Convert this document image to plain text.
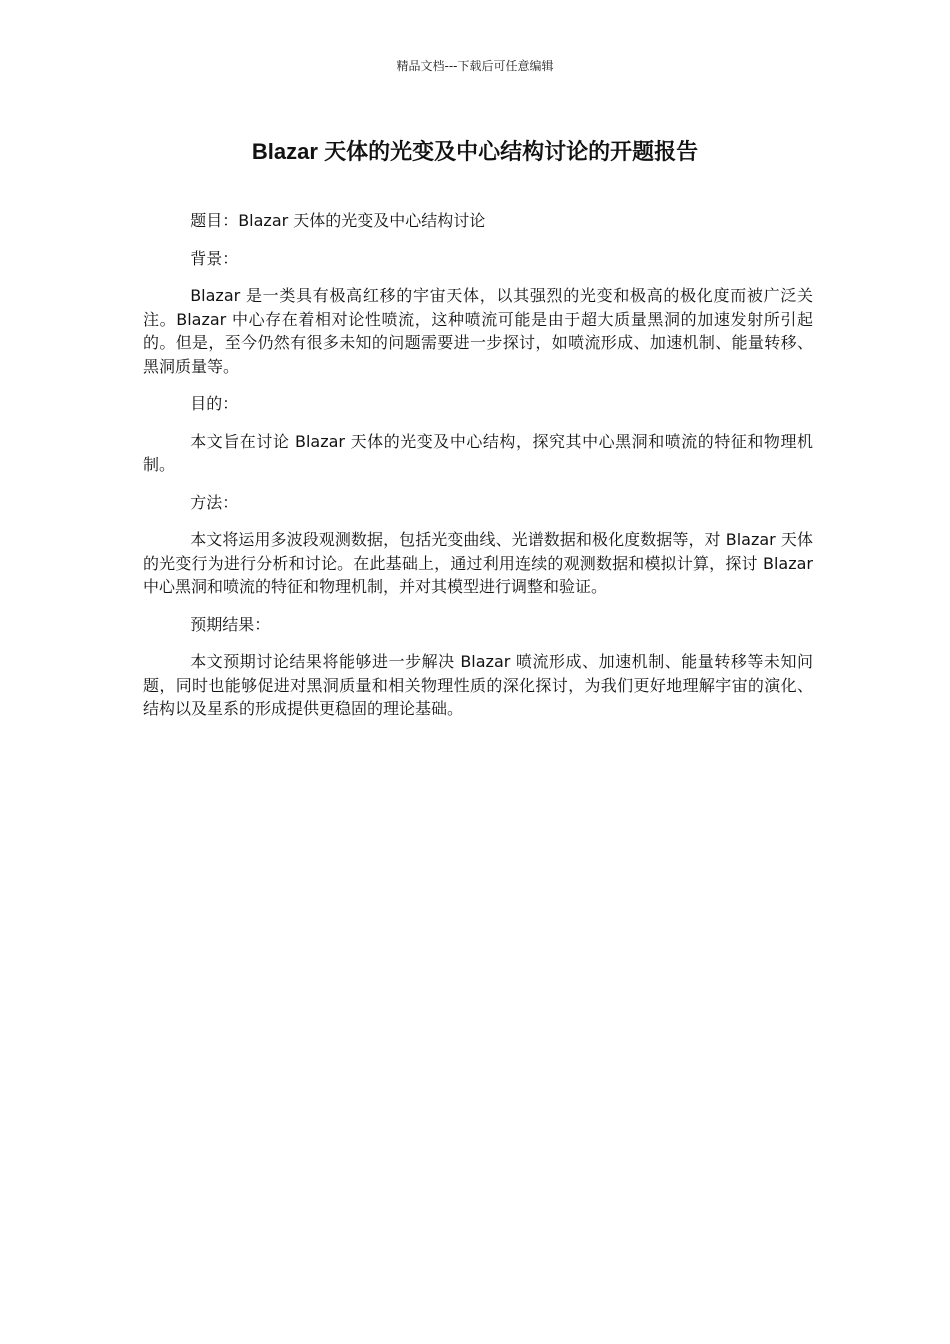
精品文档---下载后可任意编辑
Blazar 天体的光变及中心结构讨论的开题报告

题目：Blazar 天体的光变及中心结构讨论

背景：

Blazar 是一类具有极高红移的宇宙天体，以其强烈的光变和极高的极化度而被广泛关注。Blazar 中心存在着相对论性喷流，这种喷流可能是由于超大质量黑洞的加速发射所引起的。但是，至今仍然有很多未知的问题需要进一步探讨，如喷流形成、加速机制、能量转移、黑洞质量等。

目的：

本文旨在讨论 Blazar 天体的光变及中心结构，探究其中心黑洞和喷流的特征和物理机制。

方法：

本文将运用多波段观测数据，包括光变曲线、光谱数据和极化度数据等，对 Blazar 天体的光变行为进行分析和讨论。在此基础上，通过利用连续的观测数据和模拟计算，探讨 Blazar 中心黑洞和喷流的特征和物理机制，并对其模型进行调整和验证。

预期结果：

本文预期讨论结果将能够进一步解决 Blazar 喷流形成、加速机制、能量转移等未知问题，同时也能够促进对黑洞质量和相关物理性质的深化探讨，为我们更好地理解宇宙的演化、结构以及星系的形成提供更稳固的理论基础。
